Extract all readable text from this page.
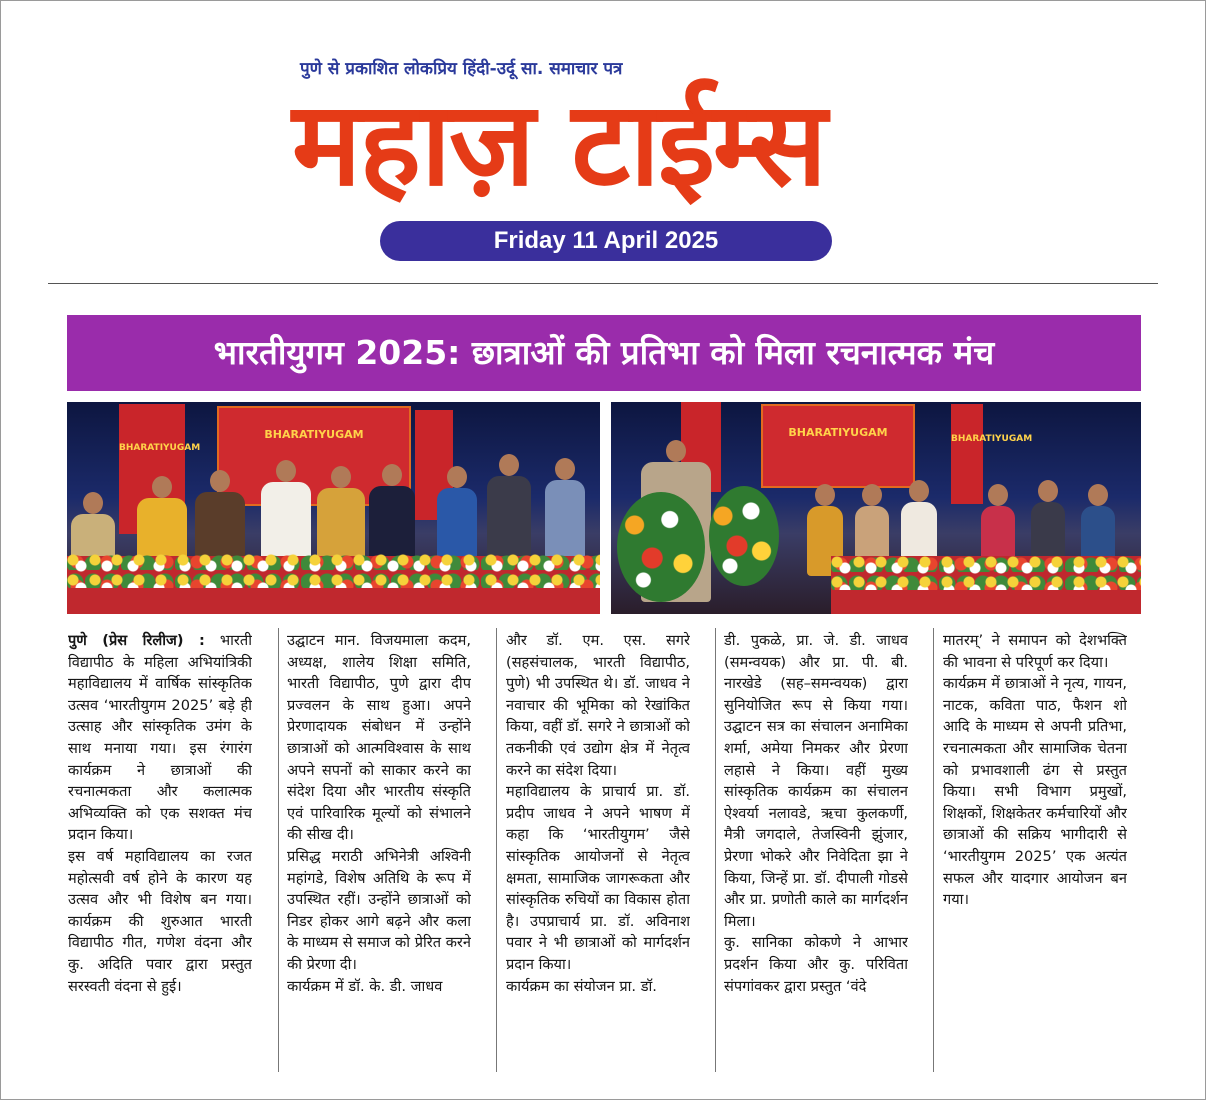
पुणे से प्रकाशित लोकप्रिय हिंदी-उर्दू सा. समाचार पत्र
महाज़ टाईम्स
Friday 11 April 2025
भारतीयुगम 2025: छात्राओं की प्रतिभा को मिला रचनात्मक मंच
BHARATIYUGAM
BHARATIYUGAM	BHARATIYUGAM	BHARATIYUGAM

पुणे (प्रेस रिलीज) : भारती विद्यापीठ के महिला अभियांत्रिकी महाविद्यालय में वार्षिक सांस्कृतिक उत्सव ‘भारतीयुगम 2025’ बड़े ही उत्साह और सांस्कृतिक उमंग के साथ मनाया गया। इस रंगारंग कार्यक्रम ने छात्राओं की रचनात्मकता और कलात्मक अभिव्यक्ति को एक सशक्त मंच प्रदान किया।

इस वर्ष महाविद्यालय का रजत महोत्सवी वर्ष होने के कारण यह उत्सव और भी विशेष बन गया। कार्यक्रम की शुरुआत भारती विद्यापीठ गीत, गणेश वंदना और कु. अदिति पवार द्वारा प्रस्तुत सरस्वती वंदना से हुई।

उद्घाटन मान. विजयमाला कदम, अध्यक्ष, शालेय शिक्षा समिति, भारती विद्यापीठ, पुणे द्वारा दीप प्रज्वलन के साथ हुआ। अपने प्रेरणादायक संबोधन में उन्होंने छात्राओं को आत्मविश्वास के साथ अपने सपनों को साकार करने का संदेश दिया और भारतीय संस्कृति एवं पारिवारिक मूल्यों को संभालने की सीख दी।

प्रसिद्ध मराठी अभिनेत्री अश्विनी महांगडे, विशेष अतिथि के रूप में उपस्थित रहीं। उन्होंने छात्राओं को निडर होकर आगे बढ़ने और कला के माध्यम से समाज को प्रेरित करने की प्रेरणा दी।

कार्यक्रम में डॉ. के. डी. जाधव

और डॉ. एम. एस. सगरे (सहसंचालक, भारती विद्यापीठ, पुणे) भी उपस्थित थे। डॉ. जाधव ने नवाचार की भूमिका को रेखांकित किया, वहीं डॉ. सगरे ने छात्राओं को तकनीकी एवं उद्योग क्षेत्र में नेतृत्व करने का संदेश दिया।

महाविद्यालय के प्राचार्य प्रा. डॉ. प्रदीप जाधव ने अपने भाषण में कहा कि ‘भारतीयुगम’ जैसे सांस्कृतिक आयोजनों से नेतृत्व क्षमता, सामाजिक जागरूकता और सांस्कृतिक रुचियों का विकास होता है। उपप्राचार्य प्रा. डॉ. अविनाश पवार ने भी छात्राओं को मार्गदर्शन प्रदान किया।

कार्यक्रम का संयोजन प्रा. डॉ.

डी. पुकळे, प्रा. जे. डी. जाधव (समन्वयक) और प्रा. पी. बी. नारखेडे (सह–समन्वयक) द्वारा सुनियोजित रूप से किया गया। उद्घाटन सत्र का संचालन अनामिका शर्मा, अमेया निमकर और प्रेरणा लहासे ने किया। वहीं मुख्य सांस्कृतिक कार्यक्रम का संचालन ऐश्वर्या नलावडे, ऋचा कुलकर्णी, मैत्री जगदाले, तेजस्विनी झुंजार, प्रेरणा भोकरे और निवेदिता झा ने किया, जिन्हें प्रा. डॉ. दीपाली गोडसे और प्रा. प्रणोती काले का मार्गदर्शन मिला।

कु. सानिका कोकणे ने आभार प्रदर्शन किया और कु. परिविता संपगांवकर द्वारा प्रस्तुत ‘वंदे

मातरम्’ ने समापन को देशभक्ति की भावना से परिपूर्ण कर दिया।

कार्यक्रम में छात्राओं ने नृत्य, गायन, नाटक, कविता पाठ, फैशन शो आदि के माध्यम से अपनी प्रतिभा, रचनात्मकता और सामाजिक चेतना को प्रभावशाली ढंग से प्रस्तुत किया। सभी विभाग प्रमुखों, शिक्षकों, शिक्षकेतर कर्मचारियों और छात्राओं की सक्रिय भागीदारी से ‘भारतीयुगम 2025’ एक अत्यंत सफल और यादगार आयोजन बन गया।
